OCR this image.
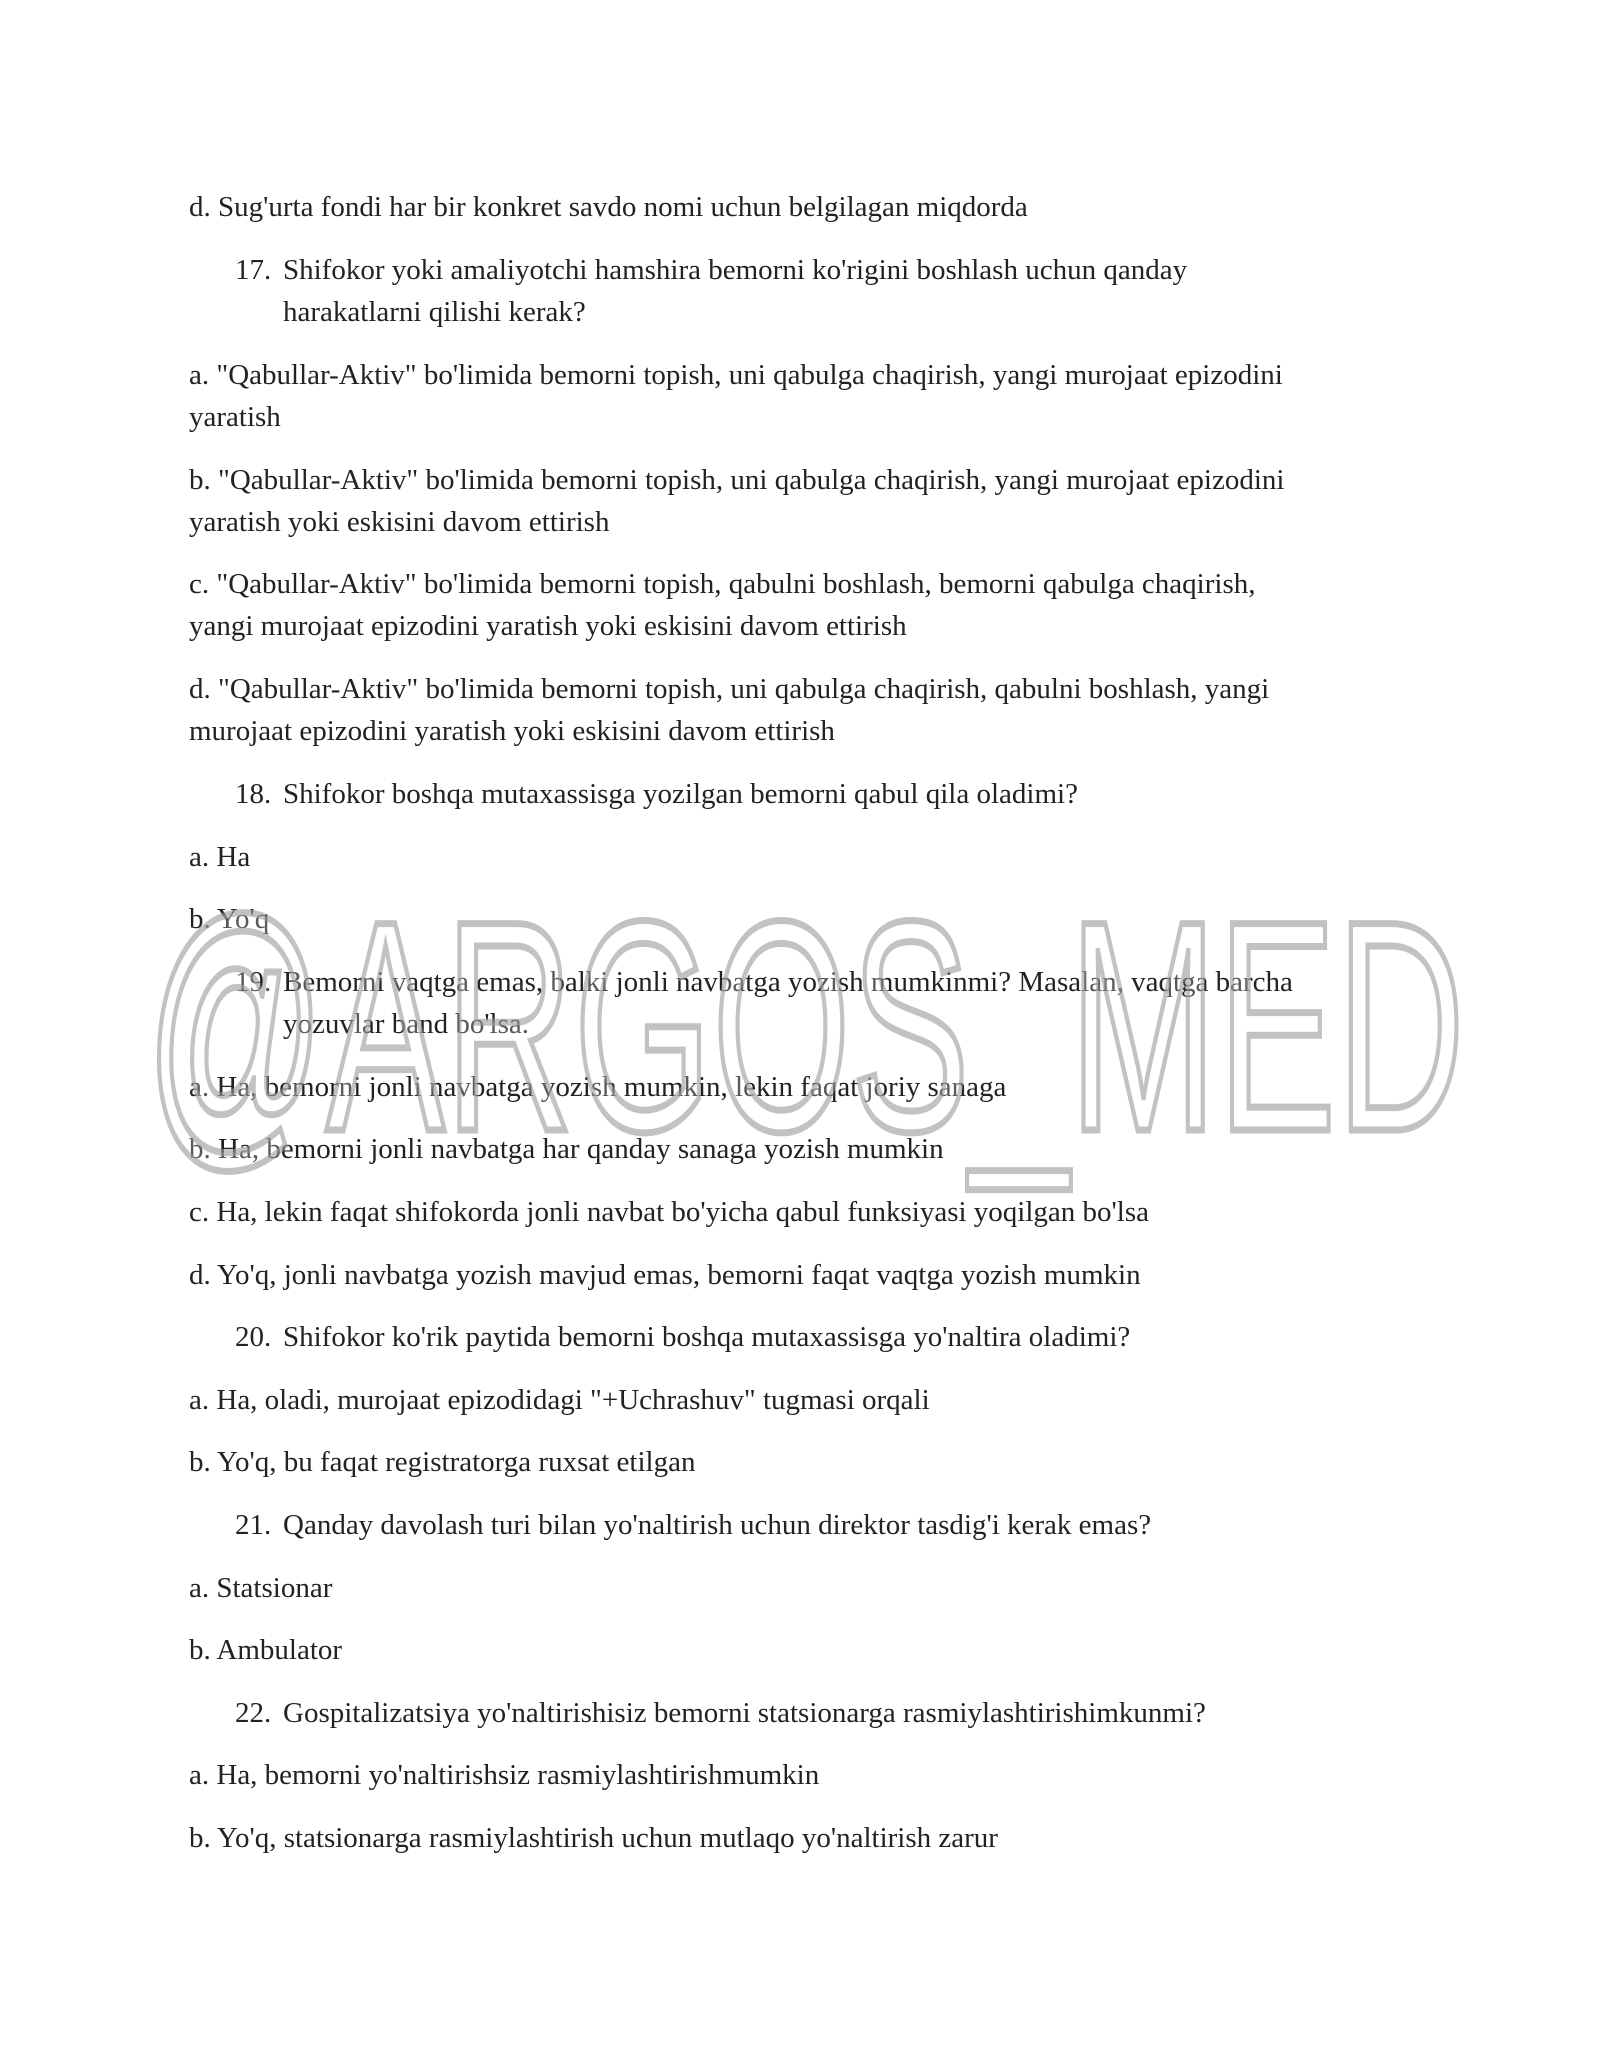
d. Sug'urta fondi har bir konkret savdo nomi uchun belgilagan miqdorda
17. Shifokor yoki amaliyotchi hamshira bemorni ko'rigini boshlash uchun qanday
harakatlarni qilishi kerak?
a. "Qabullar-Aktiv" bo'limida bemorni topish, uni qabulga chaqirish, yangi murojaat epizodini
yaratish
b. "Qabullar-Aktiv" bo'limida bemorni topish, uni qabulga chaqirish, yangi murojaat epizodini
yaratish yoki eskisini davom ettirish
c. "Qabullar-Aktiv" bo'limida bemorni topish, qabulni boshlash, bemorni qabulga chaqirish,
yangi murojaat epizodini yaratish yoki eskisini davom ettirish
d. "Qabullar-Aktiv" bo'limida bemorni topish, uni qabulga chaqirish, qabulni boshlash, yangi
murojaat epizodini yaratish yoki eskisini davom ettirish
18. Shifokor boshqa mutaxassisga yozilgan bemorni qabul qila oladimi?
a. Ha
b. Yo'q
19. Bemorni vaqtga emas, balki jonli navbatga yozish mumkinmi? Masalan, vaqtga barcha
yozuvlar band bo'lsa.
a. Ha, bemorni jonli navbatga yozish mumkin, lekin faqat joriy sanaga
b. Ha, bemorni jonli navbatga har qanday sanaga yozish mumkin
c. Ha, lekin faqat shifokorda jonli navbat bo'yicha qabul funksiyasi yoqilgan bo'lsa
d. Yo'q, jonli navbatga yozish mavjud emas, bemorni faqat vaqtga yozish mumkin
20. Shifokor ko'rik paytida bemorni boshqa mutaxassisga yo'naltira oladimi?
a. Ha, oladi, murojaat epizodidagi "+Uchrashuv" tugmasi orqali
b. Yo'q, bu faqat registratorga ruxsat etilgan
21. Qanday davolash turi bilan yo'naltirish uchun direktor tasdig'i kerak emas?
a. Statsionar
b. Ambulator
22. Gospitalizatsiya yo'naltirishisiz bemorni statsionarga rasmiylashtirishimkunmi?
a. Ha, bemorni yo'naltirishsiz rasmiylashtirishmumkin
b. Yo'q, statsionarga rasmiylashtirish uchun mutlaqo yo'naltirish zarur
@ARGOS_MED
